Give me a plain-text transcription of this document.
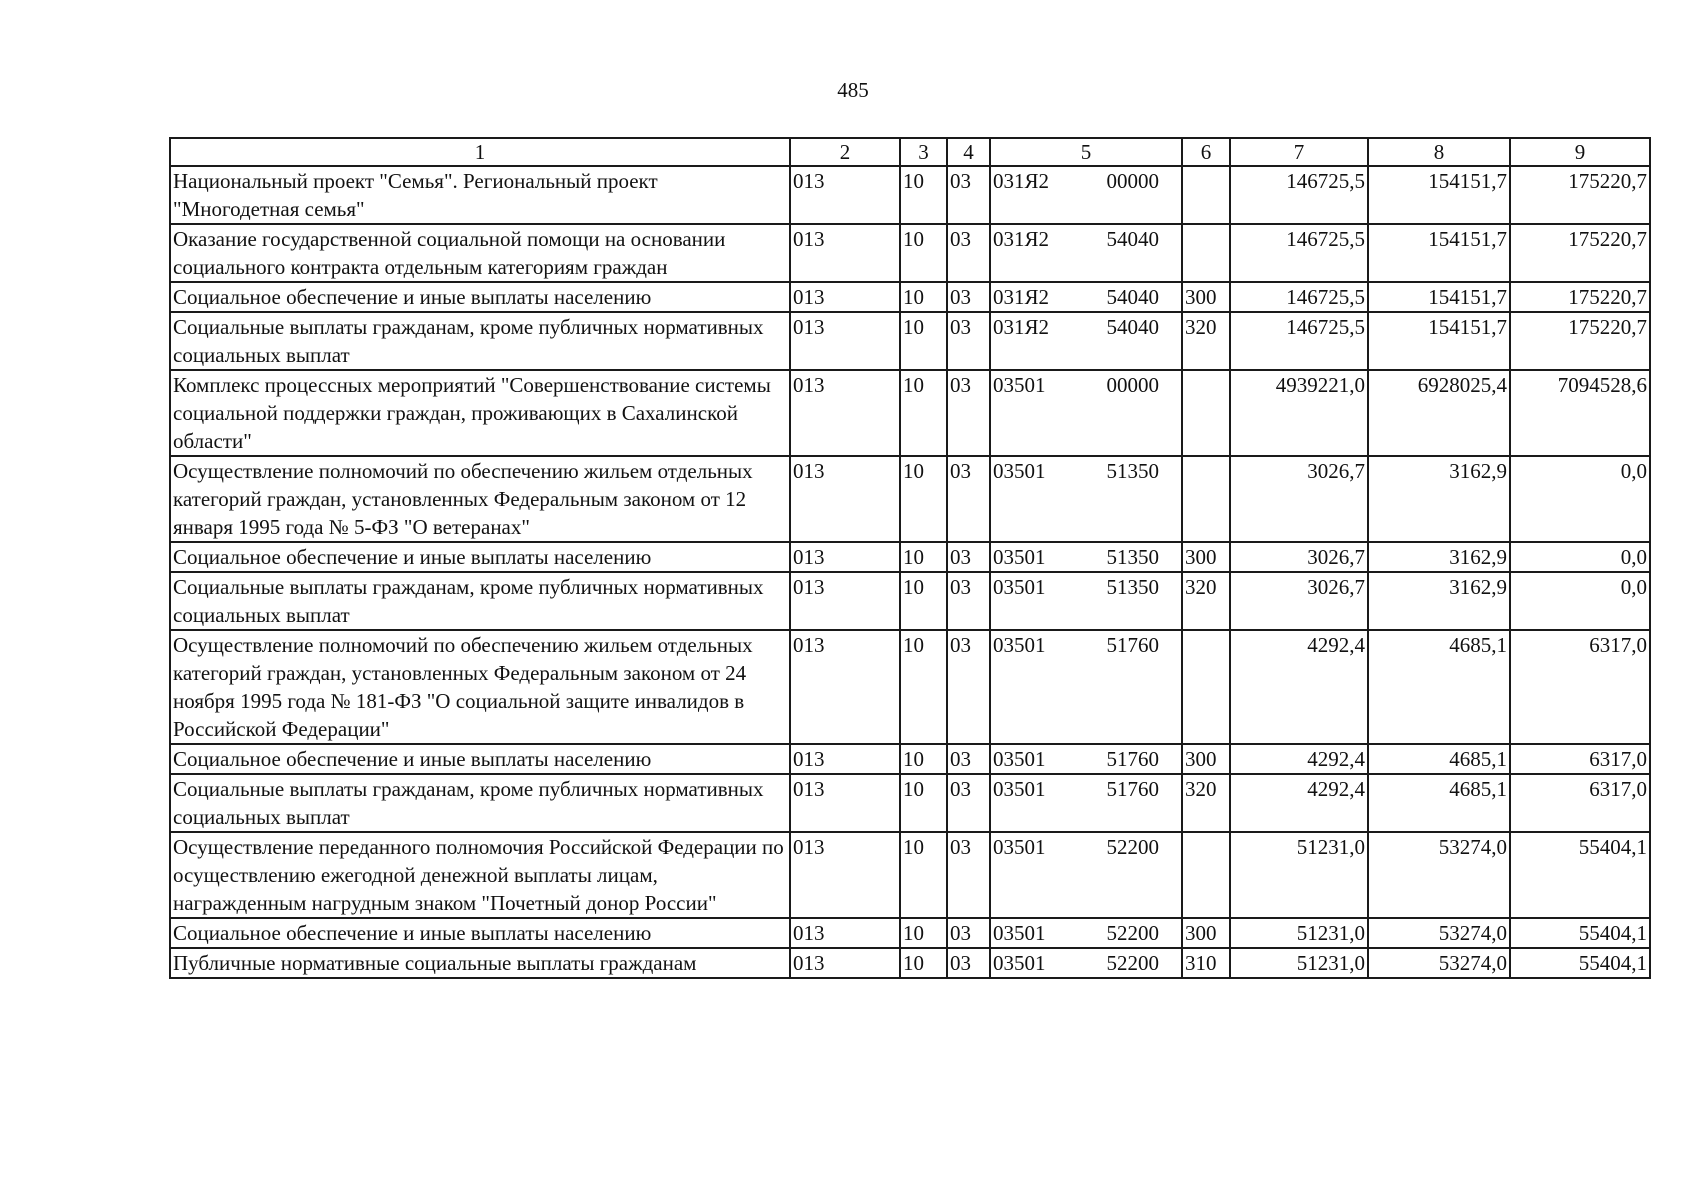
485
1	2	3	4	5	6	7	8	9
Национальный проект "Семья". Региональный проект "Многодетная семья"	013	10	03	031Я2 00000		146725,5	154151,7	175220,7
Оказание государственной социальной помощи на основании социального контракта отдельным категориям граждан	013	10	03	031Я2 54040		146725,5	154151,7	175220,7
Социальное обеспечение и иные выплаты населению	013	10	03	031Я2 54040	300	146725,5	154151,7	175220,7
Социальные выплаты гражданам, кроме публичных нормативных социальных выплат	013	10	03	031Я2 54040	320	146725,5	154151,7	175220,7
Комплекс процессных мероприятий "Совершенствование системы социальной поддержки граждан, проживающих в Сахалинской области"	013	10	03	03501 00000		4939221,0	6928025,4	7094528,6
Осуществление полномочий по обеспечению жильем отдельных категорий граждан, установленных Федеральным законом от 12 января 1995 года № 5-ФЗ "О ветеранах"	013	10	03	03501 51350		3026,7	3162,9	0,0
Социальное обеспечение и иные выплаты населению	013	10	03	03501 51350	300	3026,7	3162,9	0,0
Социальные выплаты гражданам, кроме публичных нормативных социальных выплат	013	10	03	03501 51350	320	3026,7	3162,9	0,0
Осуществление полномочий по обеспечению жильем отдельных категорий граждан, установленных Федеральным законом от 24 ноября 1995 года № 181-ФЗ "О социальной защите инвалидов в Российской Федерации"	013	10	03	03501 51760		4292,4	4685,1	6317,0
Социальное обеспечение и иные выплаты населению	013	10	03	03501 51760	300	4292,4	4685,1	6317,0
Социальные выплаты гражданам, кроме публичных нормативных социальных выплат	013	10	03	03501 51760	320	4292,4	4685,1	6317,0
Осуществление переданного полномочия Российской Федерации по осуществлению ежегодной денежной выплаты лицам, награжденным нагрудным знаком "Почетный донор России"	013	10	03	03501 52200		51231,0	53274,0	55404,1
Социальное обеспечение и иные выплаты населению	013	10	03	03501 52200	300	51231,0	53274,0	55404,1
Публичные нормативные социальные выплаты гражданам	013	10	03	03501 52200	310	51231,0	53274,0	55404,1
